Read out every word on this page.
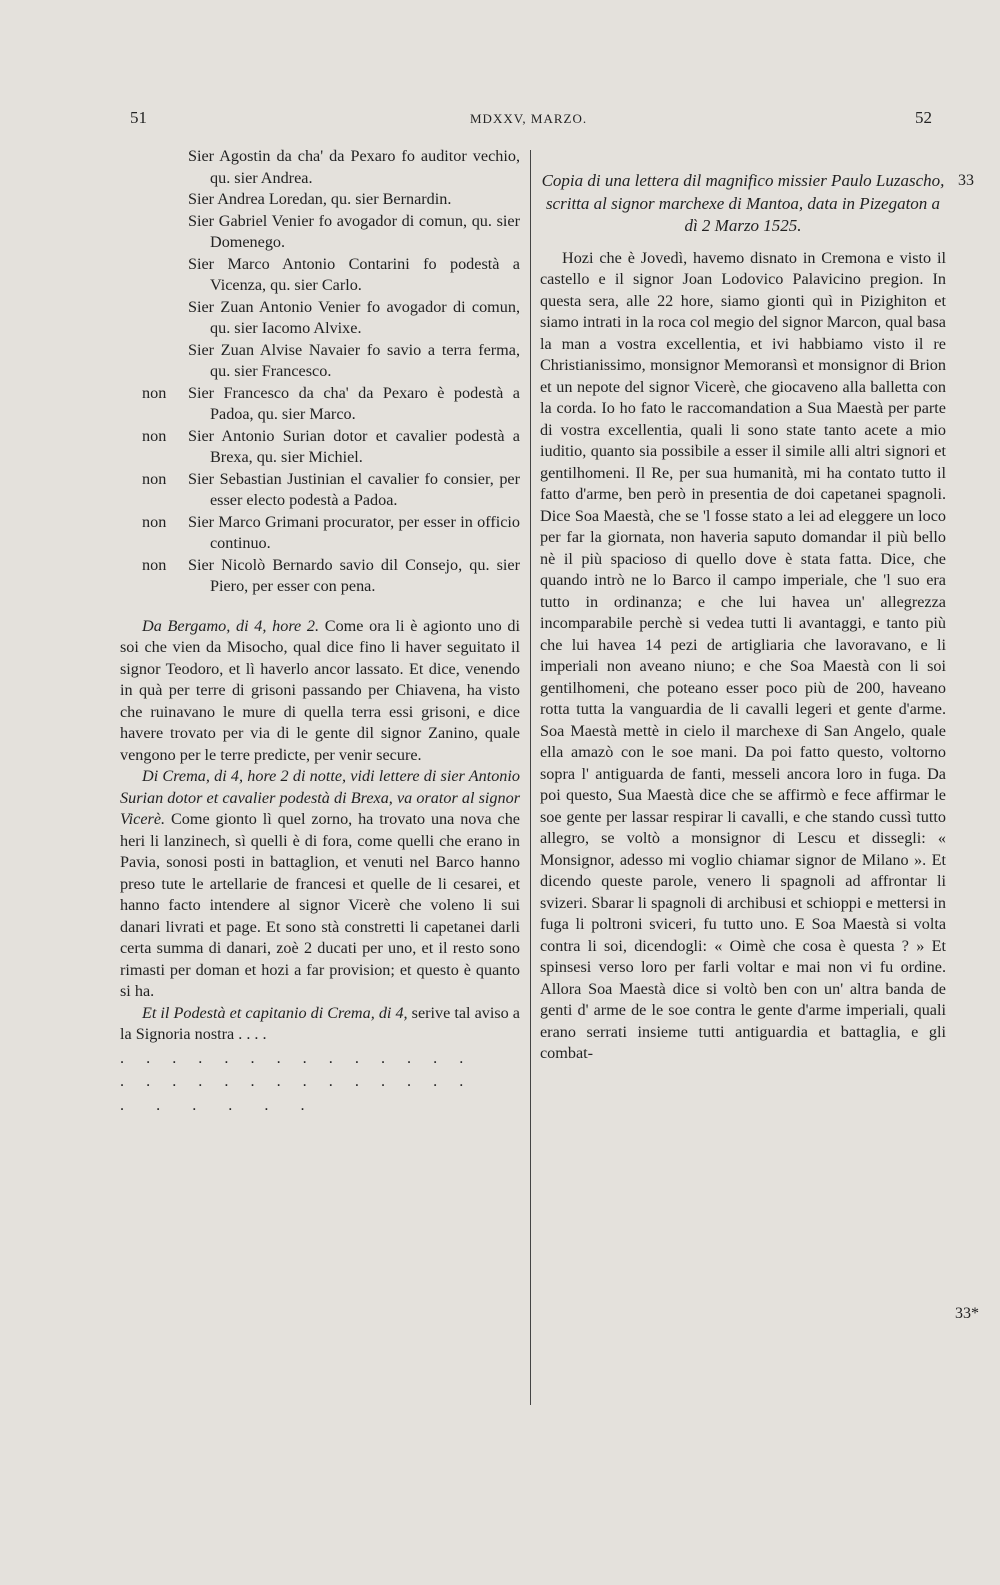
51	MDXXV, MARZO.	52

Sier Agostin da cha' da Pexaro fo auditor vechio, qu. sier Andrea.

Sier Andrea Loredan, qu. sier Bernardin.

Sier Gabriel Venier fo avogador di comun, qu. sier Domenego.

Sier Marco Antonio Contarini fo podestà a Vicenza, qu. sier Carlo.

Sier Zuan Antonio Venier fo avogador di comun, qu. sier Iacomo Alvixe.

Sier Zuan Alvise Navaier fo savio a terra ferma, qu. sier Francesco.

non Sier Francesco da cha' da Pexaro è podestà a Padoa, qu. sier Marco.

non Sier Antonio Surian dotor et cavalier podestà a Brexa, qu. sier Michiel.

non Sier Sebastian Justinian el cavalier fo consier, per esser electo podestà a Padoa.

non Sier Marco Grimani procurator, per esser in officio continuo.

non Sier Nicolò Bernardo savio dil Consejo, qu. sier Piero, per esser con pena.

Da Bergamo, di 4, hore 2. Come ora li è agionto uno di soi che vien da Misocho, qual dice fino li haver seguitato il signor Teodoro, et lì haverlo ancor lassato. Et dice, venendo in quà per terre di grisoni passando per Chiavena, ha visto che ruinavano le mure di quella terra essi grisoni, e dice havere trovato per via di le gente dil signor Zanino, quale vengono per le terre predicte, per venir secure.

Di Crema, di 4, hore 2 di notte, vidi lettere di sier Antonio Surian dotor et cavalier podestà di Brexa, va orator al signor Vicerè. Come gionto lì quel zorno, ha trovato una nova che heri li lanzinech, sì quelli è di fora, come quelli che erano in Pavia, sonosi posti in battaglion, et venuti nel Barco hanno preso tute le artellarie de francesi et quelle de li cesarei, et hanno facto intendere al signor Vicerè che voleno li sui danari livrati et page. Et sono stà constretti li capetanei darli certa summa di danari, zoè 2 ducati per uno, et il resto sono rimasti per doman et hozi a far provision; et questo è quanto si ha.

Et il Podestà et capitanio di Crema, di 4, serive tal aviso a la Signoria nostra . . . .

. . . . . . . . . . . . . .

. . . . . . . . . . . . . .

. . . . . .

Copia di una lettera dil magnifico missier Paulo Luzascho, scritta al signor marchexe di Mantoa, data in Pizegaton a dì 2 Marzo 1525.

Hozi che è Jovedì, havemo disnato in Cremona e visto il castello e il signor Joan Lodovico Palavicino pregion. In questa sera, alle 22 hore, siamo gionti quì in Pizighiton et siamo intrati in la roca col megio del signor Marcon, qual basa la man a vostra excellentia, et ivi habbiamo visto il re Christianissimo, monsignor Memoransì et monsignor di Brion et un nepote del signor Vicerè, che giocaveno alla balletta con la corda. Io ho fato le raccomandation a Sua Maestà per parte di vostra excellentia, quali li sono state tanto acete a mio iuditio, quanto sia possibile a esser il simile alli altri signori et gentilhomeni. Il Re, per sua humanità, mi ha contato tutto il fatto d'arme, ben però in presentia de doi capetanei spagnoli. Dice Soa Maestà, che se 'l fosse stato a lei ad eleggere un loco per far la giornata, non haveria saputo domandar il più bello nè il più spacioso di quello dove è stata fatta. Dice, che quando intrò ne lo Barco il campo imperiale, che 'l suo era tutto in ordinanza; e che lui havea un' allegrezza incomparabile perchè si vedea tutti li avantaggi, e tanto più che lui havea 14 pezi de artigliaria che lavoravano, e li imperiali non aveano niuno; e che Soa Maestà con li soi gentilhomeni, che poteano esser poco più de 200, haveano rotta tutta la vanguardia de li cavalli legeri et gente d'arme. Soa Maestà mettè in cielo il marchexe di San Angelo, quale ella amazò con le soe mani. Da poi fatto questo, voltorno sopra l' antiguarda de fanti, messeli ancora loro in fuga. Da poi questo, Sua Maestà dice che se affirmò e fece affirmar le soe gente per lassar respirar li cavalli, e che stando cussì tutto allegro, se voltò a monsignor di Lescu et dissegli: « Monsignor, adesso mi voglio chiamar signor de Milano ». Et dicendo queste parole, venero li spagnoli ad affrontar li svizeri. Sbarar li spagnoli di archibusi et schioppi e mettersi in fuga li poltroni sviceri, fu tutto uno. E Soa Maestà si volta contra li soi, dicendogli: « Oimè che cosa è questa ? » Et spinsesi verso loro per farli voltar e mai non vi fu ordine. Allora Soa Maestà dice si voltò ben con un' altra banda de genti d' arme de le soe contra le gente d'arme imperiali, quali erano serrati insieme tutti antiguardia et battaglia, e gli combat-

33
33*
